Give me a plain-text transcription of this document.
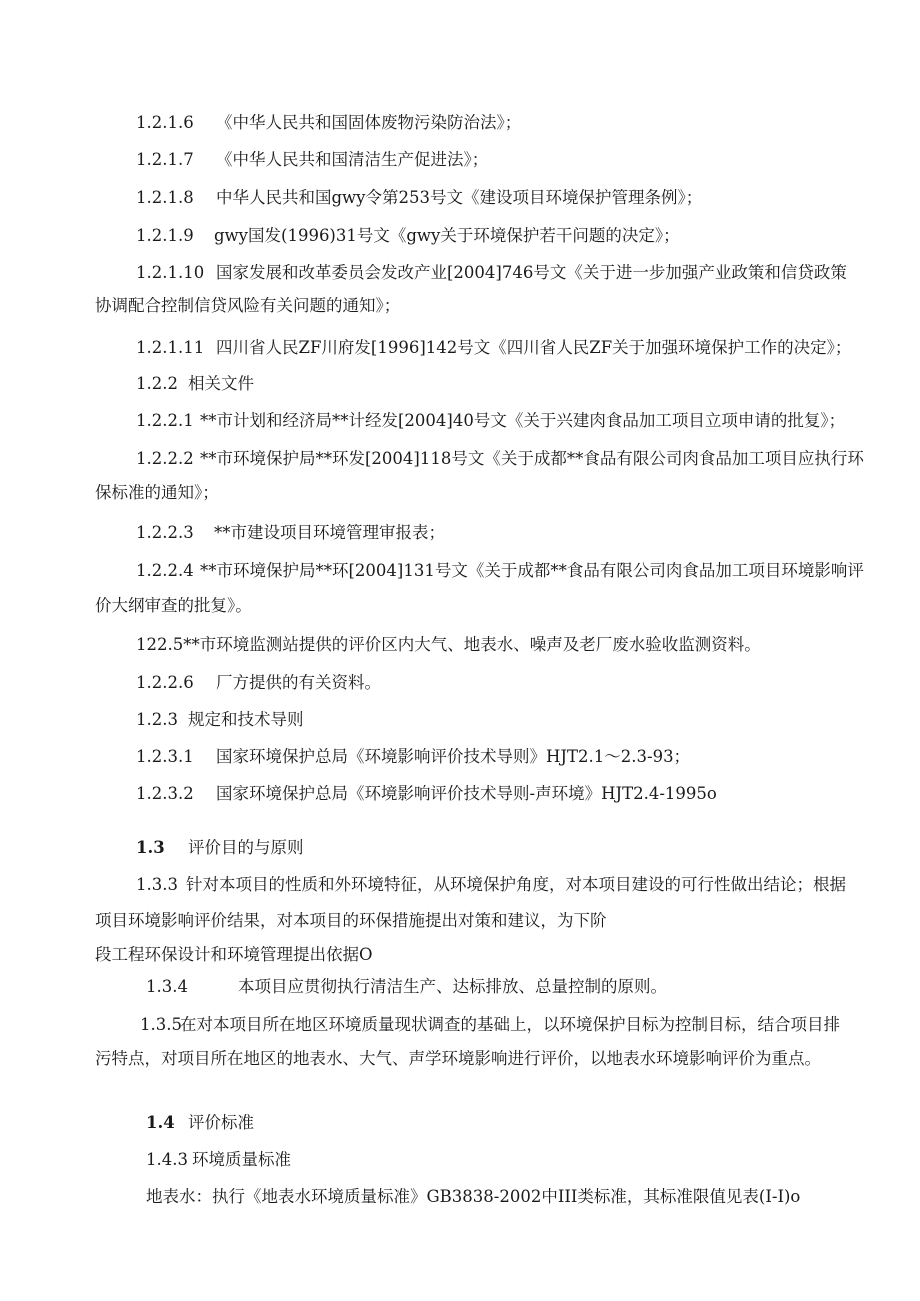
1.2.1.6 《中华人民共和国固体废物污染防治法》；
1.2.1.7 《中华人民共和国清洁生产促进法》；
1.2.1.8 中华人民共和国gwy令第253号文《建设项目环境保护管理条例》；
1.2.1.9 gwy国发(1996)31号文《gwy关于环境保护若干问题的决定》；
1.2.1.10 国家发展和改革委员会发改产业[2004]746号文《关于进一步加强产业政策和信贷政策
协调配合控制信贷风险有关问题的通知》；
1.2.1.11 四川省人民ZF川府发[1996]142号文《四川省人民ZF关于加强环境保护工作的决定》；
1.2.2 相关文件
1.2.2.1 **市计划和经济局**计经发[2004]40号文《关于兴建肉食品加工项目立项申请的批复》；
1.2.2.2 **市环境保护局**环发[2004]118号文《关于成都**食品有限公司肉食品加工项目应执行环
保标准的通知》；
1.2.2.3 **市建设项目环境管理审报表；
1.2.2.4 **市环境保护局**环[2004]131号文《关于成都**食品有限公司肉食品加工项目环境影响评
价大纲审查的批复》。
122.5**市环境监测站提供的评价区内大气、地表水、噪声及老厂废水验收监测资料。
1.2.2.6 厂方提供的有关资料。
1.2.3 规定和技术导则
1.2.3.1 国家环境保护总局《环境影响评价技术导则》HJT2.1～2.3-93；
1.2.3.2 国家环境保护总局《环境影响评价技术导则-声环境》HJT2.4-1995o
1.3 评价目的与原则
1.3.3 针对本项目的性质和外环境特征，从环境保护角度，对本项目建设的可行性做出结论；根据
项目环境影响评价结果，对本项目的环保措施提出对策和建议，为下阶
段工程环保设计和环境管理提出依据O
1.3.4	本项目应贯彻执行清洁生产、达标排放、总量控制的原则。
1.3.5在对本项目所在地区环境质量现状调查的基础上，以环境保护目标为控制目标，结合项目排
污特点，对项目所在地区的地表水、大气、声学环境影响进行评价，以地表水环境影响评价为重点。
1.4 评价标准
1.4.3 环境质量标准
地表水：执行《地表水环境质量标准》GB3838-2002中III类标准，其标准限值见表(I-I)o
